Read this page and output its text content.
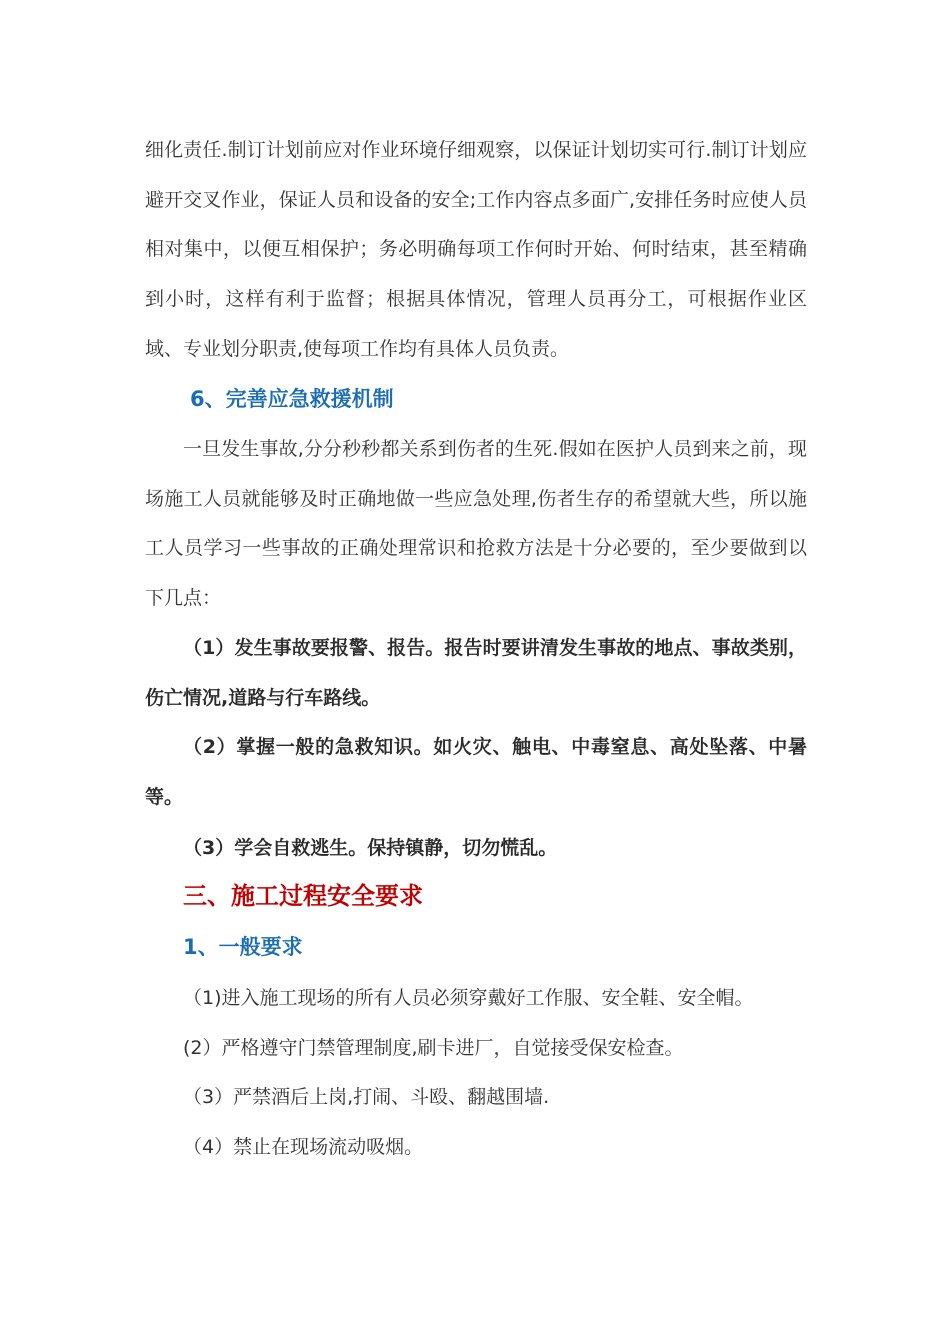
细化责任.制订计划前应对作业环境仔细观察，以保证计划切实可行.制订计划应避开交叉作业，保证人员和设备的安全;工作内容点多面广,安排任务时应使人员相对集中，以便互相保护；务必明确每项工作何时开始、何时结束，甚至精确到小时，这样有利于监督；根据具体情况，管理人员再分工，可根据作业区域、专业划分职责,使每项工作均有具体人员负责。

6、完善应急救援机制

一旦发生事故,分分秒秒都关系到伤者的生死.假如在医护人员到来之前，现场施工人员就能够及时正确地做一些应急处理,伤者生存的希望就大些，所以施工人员学习一些事故的正确处理常识和抢救方法是十分必要的，至少要做到以下几点：

（1）发生事故要报警、报告。报告时要讲清发生事故的地点、事故类别，伤亡情况,道路与行车路线。

（2）掌握一般的急救知识。如火灾、触电、中毒窒息、高处坠落、中暑等。

（3）学会自救逃生。保持镇静，切勿慌乱。
三、施工过程安全要求
1、一般要求
（1)进入施工现场的所有人员必须穿戴好工作服、安全鞋、安全帽。
(2）严格遵守门禁管理制度,刷卡进厂，自觉接受保安检查。
（3）严禁酒后上岗,打闹、斗殴、翻越围墙.
（4）禁止在现场流动吸烟。
